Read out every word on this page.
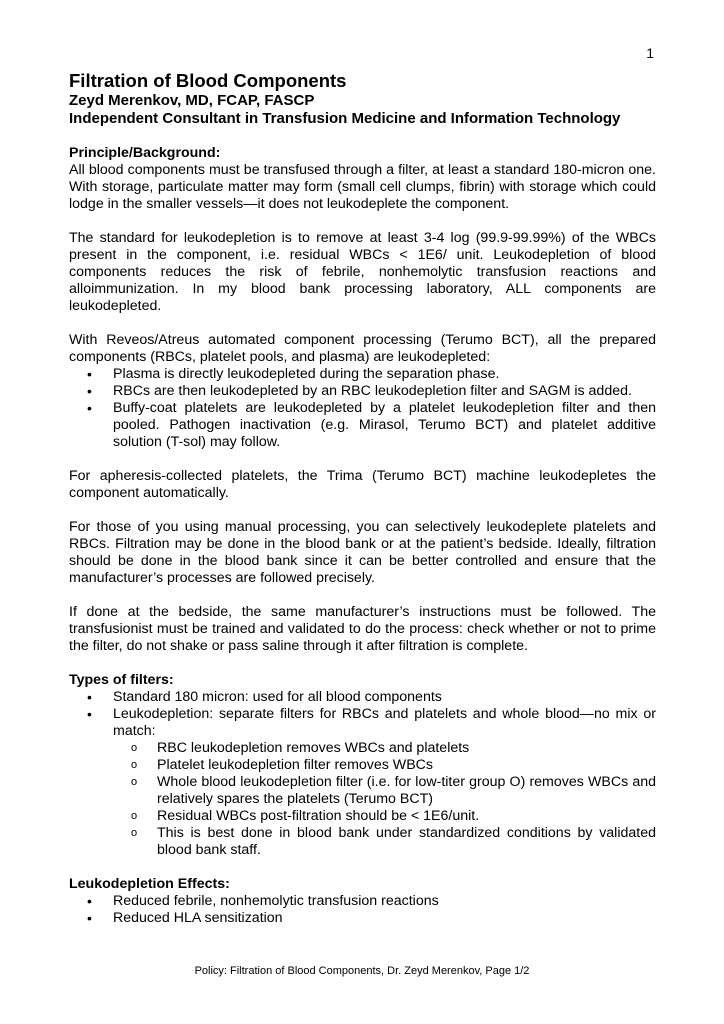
1
Filtration of Blood Components
Zeyd Merenkov, MD, FCAP, FASCP
Independent Consultant in Transfusion Medicine and Information Technology
Principle/Background:

All blood components must be transfused through a filter, at least a standard 180-micron one. With storage, particulate matter may form (small cell clumps, fibrin) with storage which could lodge in the smaller vessels—it does not leukodeplete the component.

The standard for leukodepletion is to remove at least 3-4 log (99.9-99.99%) of the WBCs present in the component, i.e. residual WBCs < 1E6/ unit. Leukodepletion of blood components reduces the risk of febrile, nonhemolytic transfusion reactions and alloimmunization. In my blood bank processing laboratory, ALL components are leukodepleted.

With Reveos/Atreus automated component processing (Terumo BCT), all the prepared components (RBCs, platelet pools, and plasma) are leukodepleted:

• Plasma is directly leukodepleted during the separation phase.
• RBCs are then leukodepleted by an RBC leukodepletion filter and SAGM is added.
• Buffy-coat platelets are leukodepleted by a platelet leukodepletion filter and then pooled. Pathogen inactivation (e.g. Mirasol, Terumo BCT) and platelet additive solution (T-sol) may follow.

For apheresis-collected platelets, the Trima (Terumo BCT) machine leukodepletes the component automatically.

For those of you using manual processing, you can selectively leukodeplete platelets and RBCs. Filtration may be done in the blood bank or at the patient’s bedside. Ideally, filtration should be done in the blood bank since it can be better controlled and ensure that the manufacturer’s processes are followed precisely.

If done at the bedside, the same manufacturer’s instructions must be followed. The transfusionist must be trained and validated to do the process: check whether or not to prime the filter, do not shake or pass saline through it after filtration is complete.

Types of filters:
• Standard 180 micron: used for all blood components
• Leukodepletion: separate filters for RBCs and platelets and whole blood—no mix or match:
o RBC leukodepletion removes WBCs and platelets
o Platelet leukodepletion filter removes WBCs
o Whole blood leukodepletion filter (i.e. for low-titer group O) removes WBCs and relatively spares the platelets (Terumo BCT)
o Residual WBCs post-filtration should be < 1E6/unit.
o This is best done in blood bank under standardized conditions by validated blood bank staff.
Leukodepletion Effects:
• Reduced febrile, nonhemolytic transfusion reactions
• Reduced HLA sensitization
Policy: Filtration of Blood Components, Dr. Zeyd Merenkov, Page 1/2
